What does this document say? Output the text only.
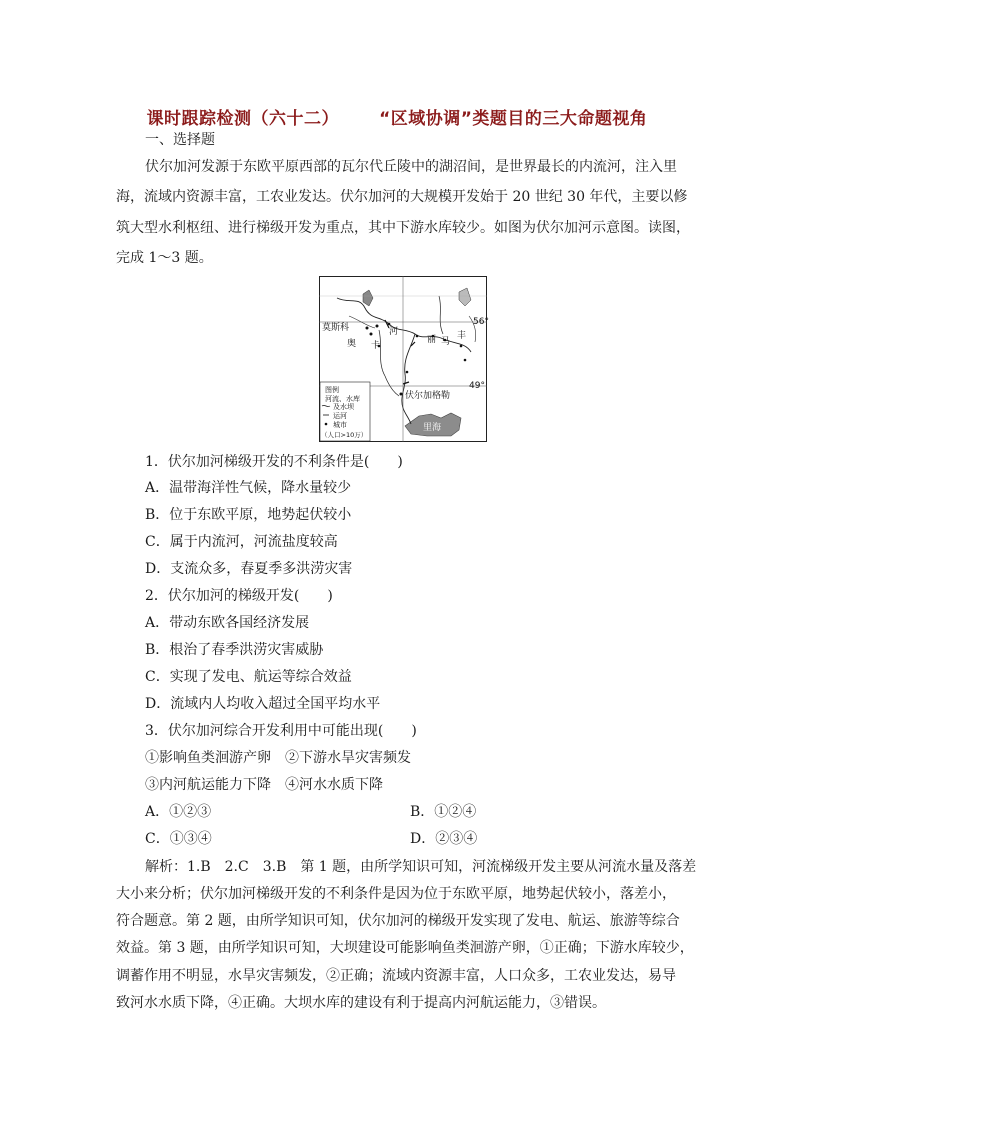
课时跟踪检测（六十二） “区域协调”类题目的三大命题视角
一、选择题
伏尔加河发源于东欧平原西部的瓦尔代丘陵中的湖沼间，是世界最长的内流河，注入里
海，流域内资源丰富，工农业发达。伏尔加河的大规模开发始于 20 世纪 30 年代，主要以修
筑大型水利枢纽、进行梯级开发为重点，其中下游水库较少。如图为伏尔加河示意图。读图，
完成 1～3 题。
莫斯科
奥 卡
河
丽 马
丰
56°
49°
伏尔加格勒
里海
图例
河流、水库
及水坝
运河
城市
（人口>10万）
1．伏尔加河梯级开发的不利条件是(　　)
A．温带海洋性气候，降水量较少
B．位于东欧平原，地势起伏较小
C．属于内流河，河流盐度较高
D．支流众多，春夏季多洪涝灾害
2．伏尔加河的梯级开发(　　)
A．带动东欧各国经济发展
B．根治了春季洪涝灾害威胁
C．实现了发电、航运等综合效益
D．流域内人均收入超过全国平均水平
3．伏尔加河综合开发利用中可能出现(　　)
①影响鱼类洄游产卵　②下游水旱灾害频发
③内河航运能力下降　④河水水质下降
A．①②③	B．①②④
C．①③④	D．②③④
解析：1.B　2.C　3.B　第 1 题，由所学知识可知，河流梯级开发主要从河流水量及落差
大小来分析；伏尔加河梯级开发的不利条件是因为位于东欧平原，地势起伏较小，落差小，
符合题意。第 2 题，由所学知识可知，伏尔加河的梯级开发实现了发电、航运、旅游等综合
效益。第 3 题，由所学知识可知，大坝建设可能影响鱼类洄游产卵，①正确；下游水库较少，
调蓄作用不明显，水旱灾害频发，②正确；流域内资源丰富，人口众多，工农业发达，易导
致河水水质下降，④正确。大坝水库的建设有利于提高内河航运能力，③错误。
